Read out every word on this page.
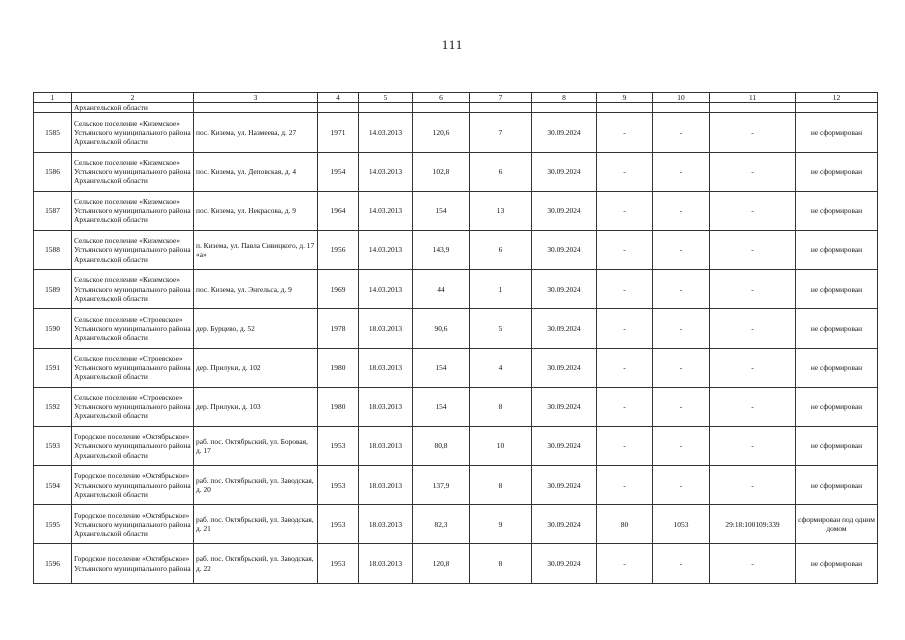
111
1	2	3	4	5	6	7	8	9	10	11	12
	Архангельской области										
1585	Сельское поселение «Киземское» Устьянского муниципального района Архангельской области	пос. Кизема, ул. Назмеева, д. 27	1971	14.03.2013	120,6	7	30.09.2024	-	-	-	не сформирован
1586	Сельское поселение «Киземское» Устьянского муниципального района Архангельской области	пос. Кизема, ул. Деповская, д. 4	1954	14.03.2013	102,8	6	30.09.2024	-	-	-	не сформирован
1587	Сельское поселение «Киземское» Устьянского муниципального района Архангельской области	пос. Кизема, ул. Некрасова, д. 9	1964	14.03.2013	154	13	30.09.2024	-	-	-	не сформирован
1588	Сельское поселение «Киземское» Устьянского муниципального района Архангельской области	п. Кизема, ул. Павла Сивицкого, д. 17 «а»	1956	14.03.2013	143,9	6	30.09.2024	-	-	-	не сформирован
1589	Сельское поселение «Киземское» Устьянского муниципального района Архангельской области	пос. Кизема, ул. Энгельса, д. 9	1969	14.03.2013	44	1	30.09.2024	-	-	-	не сформирован
1590	Сельское поселение «Строевское» Устьянского муниципального района Архангельской области	дер. Бурцево, д. 52	1978	18.03.2013	90,6	5	30.09.2024	-	-	-	не сформирован
1591	Сельское поселение «Строевское» Устьянского муниципального района Архангельской области	дер. Прилуки, д. 102	1980	18.03.2013	154	4	30.09.2024	-	-	-	не сформирован
1592	Сельское поселение «Строевское» Устьянского муниципального района Архангельской области	дер. Прилуки, д. 103	1980	18.03.2013	154	8	30.09.2024	-	-	-	не сформирован
1593	Городское поселение «Октябрьское» Устьянского муниципального района Архангельской области	раб. пос. Октябрьский, ул. Боровая, д. 17	1953	18.03.2013	80,8	10	30.09.2024	-	-	-	не сформирован
1594	Городское поселение «Октябрьское» Устьянского муниципального района Архангельской области	раб. пос. Октябрьский, ул. Заводская, д. 20	1953	18.03.2013	137,9	8	30.09.2024	-	-	-	не сформирован
1595	Городское поселение «Октябрьское» Устьянского муниципального района Архангельской области	раб. пос. Октябрьский, ул. Заводская, д. 21	1953	18.03.2013	82,3	9	30.09.2024	80	1053	29:18:100109:339	сформирован под одним домом
1596	Городское поселение «Октябрьское» Устьянского муниципального района	раб. пос. Октябрьский, ул. Заводская, д. 22	1953	18.03.2013	120,8	8	30.09.2024	-	-	-	не сформирован
